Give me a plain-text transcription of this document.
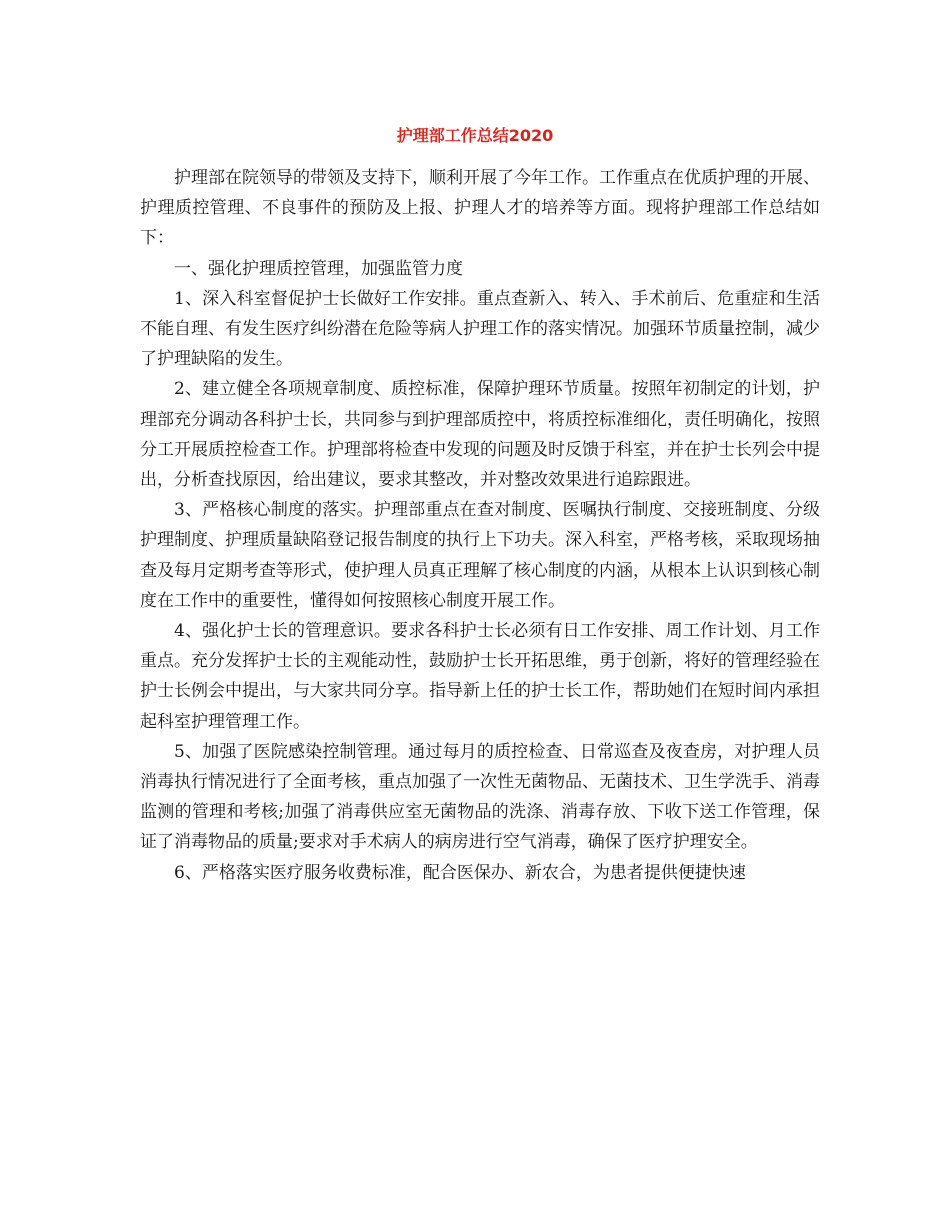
护理部工作总结2020

护理部在院领导的带领及支持下，顺利开展了今年工作。工作重点在优质护理的开展、护理质控管理、不良事件的预防及上报、护理人才的培养等方面。现将护理部工作总结如下：

一、强化护理质控管理，加强监管力度

1、深入科室督促护士长做好工作安排。重点查新入、转入、手术前后、危重症和生活不能自理、有发生医疗纠纷潜在危险等病人护理工作的落实情况。加强环节质量控制，减少了护理缺陷的发生。

2、建立健全各项规章制度、质控标准，保障护理环节质量。按照年初制定的计划，护理部充分调动各科护士长，共同参与到护理部质控中，将质控标准细化，责任明确化，按照分工开展质控检查工作。护理部将检查中发现的问题及时反馈于科室，并在护士长列会中提出，分析查找原因，给出建议，要求其整改，并对整改效果进行追踪跟进。

3、严格核心制度的落实。护理部重点在查对制度、医嘱执行制度、交接班制度、分级护理制度、护理质量缺陷登记报告制度的执行上下功夫。深入科室，严格考核，采取现场抽查及每月定期考查等形式，使护理人员真正理解了核心制度的内涵，从根本上认识到核心制度在工作中的重要性，懂得如何按照核心制度开展工作。

4、强化护士长的管理意识。要求各科护士长必须有日工作安排、周工作计划、月工作重点。充分发挥护士长的主观能动性，鼓励护士长开拓思维，勇于创新，将好的管理经验在护士长例会中提出，与大家共同分享。指导新上任的护士长工作，帮助她们在短时间内承担起科室护理管理工作。

5、加强了医院感染控制管理。通过每月的质控检查、日常巡查及夜查房，对护理人员消毒执行情况进行了全面考核，重点加强了一次性无菌物品、无菌技术、卫生学洗手、消毒监测的管理和考核;加强了消毒供应室无菌物品的洗涤、消毒存放、下收下送工作管理，保证了消毒物品的质量;要求对手术病人的病房进行空气消毒，确保了医疗护理安全。

6、严格落实医疗服务收费标准，配合医保办、新农合，为患者提供便捷快速
